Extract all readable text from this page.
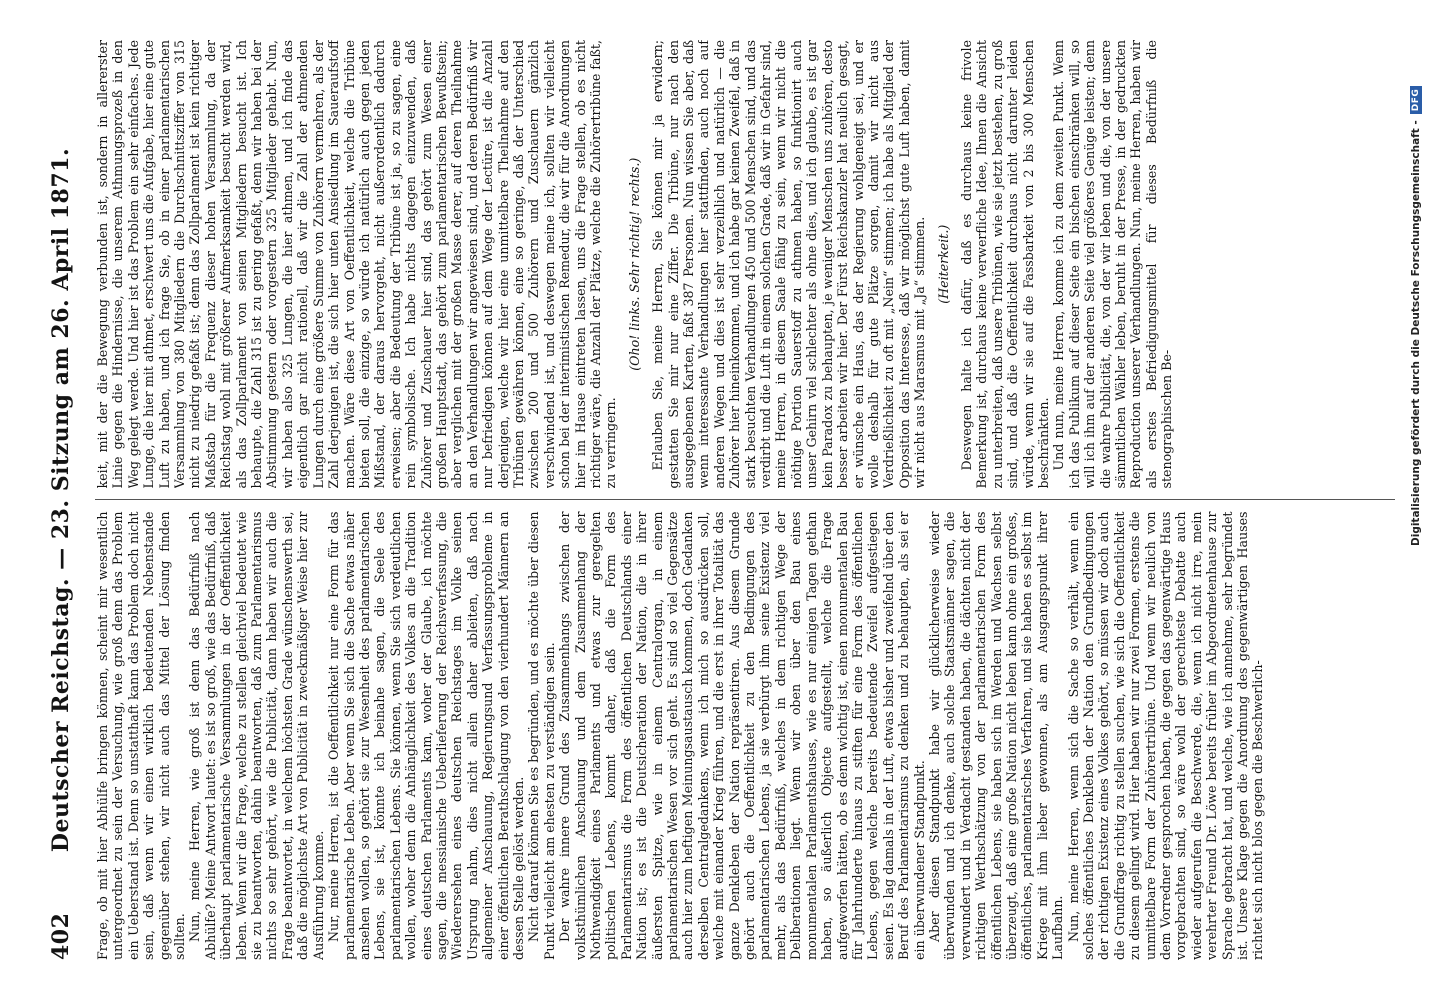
402
Deutscher Reichstag. — 23. Sitzung am 26. April 1871. Frage, ob mit hier Abhülfe bringen können, scheint mir wesentlich untergeordnet zu sein der Versuchung, wie groß denn das Problem ein Ueberstand ist. Denn so unstatthaft kann das Problem doch nicht sein, daß wenn wir einen wirklich bedeutenden Nebenstande gegenüber stehen, wir nicht auch das Mittel der Lösung finden sollten. Nun, meine Herren, wie groß ist denn das Bedürfniß nach Abhülfe? Meine Antwort lautet: es ist so groß, wie das Bedürfniß, daß überhaupt parlamentarische Versammlungen in der Oeffentlichkeit leben. Wenn wir die Frage, welche zu stellen gleichviel bedeutet wie sie zu beantworten, dahin beantworten, daß zum Parlamentarismus nichts so sehr gehört, wie die Publicität, dann haben wir auch die Frage beantwortet, in welchem höchsten Grade wünschenswerth sei, daß die möglichste Art von Publicität in zweckmäßiger Weise hier zur Ausführung komme. Nur, meine Herren, ist die Oeffentlichkeit nur eine Form für das parlamentarische Leben. Aber wenn Sie sich die Sache etwas näher ansehen wollen, so gehört sie zur Wesenheit des parlamentarischen Lebens, sie ist, könnte ich beinahe sagen, die Seele des parlamentarischen Lebens. Sie können, wenn Sie sich verdeutlichen wollen, woher denn die Anhänglichkeit des Volkes an die Tradition eines deutschen Parlaments kam, woher der Glaube, ich möchte sagen, die messianische Ueberlieferung der Reichsverfassung, die Wiederersehen eines deutschen Reichstages im Volke seinen Ursprung nahm, dies nicht allein daher ableiten, daß nach allgemeiner Anschauung, Regierungsund Verfassungsprobleme in einer öffentlichen Berathschlagung von den vierhundert Männern an dessen Stelle gelöst werden. Nicht darauf können Sie es begründen, und es möchte über diesen Punkt vielleicht am ehesten zu verständigen sein. Der wahre innere Grund des Zusammenhangs zwischen der volksthümlichen Anschauung und dem Zusammenhang der Nothwendigkeit eines Parlaments und etwas zur geregelten politischen Lebens, kommt daher, daß die Form des Parlamentarismus die Form des öffentlichen Deutschlands einer Nation ist; es ist die Deutsicheration der Nation, die in ihrer äußersten Spitze, wie in einem Centralorgan, in einem parlamentarischen Wesen vor sich geht. Es sind so viel Gegensätze auch hier zum heftigen Meinungsaustausch kommen, doch Gedanken derselben Centralgedankens, wenn ich mich so ausdrücken soll, welche mit einander Krieg führen, und die erst in ihrer Totalität das ganze Denkleben der Nation repräsentiren. Aus diesem Grunde gehört auch die Oeffentlichkeit zu den Bedingungen des parlamentarischen Lebens, ja sie verbürgt ihm seine Existenz viel mehr, als das Bedürfniß, welches in dem richtigen Wege der Deliberationen liegt. Wenn wir oben über den Bau eines monumentalen Parlamentshauses, wie es nur einigen Tagen gethan haben, so äußerlich Objecte aufgestellt, welche die Frage aufgeworfen hätten, ob es denn wichtig ist, einen monumentalen Bau für Jahrhunderte hinaus zu stiften für eine Form des öffentlichen Lebens, gegen welche bereits bedeutende Zweifel aufgestiegen seien. Es lag damals in der Luft, etwas bisher und zweifelnd über den Beruf des Parlamentarismus zu denken und zu behaupten, als sei er ein überwundener Standpunkt. Aber diesen Standpunkt habe wir glücklicherweise wieder überwunden und ich denke, auch solche Staatsmänner sagen, die verwundert und in Verdacht gestanden haben, die dächten nicht der richtigen Werthschätzung von der parlamentarischen Form des öffentlichen Lebens, sie haben sich im Werden und Wachsen selbst überzeugt, daß eine große Nation nicht leben kann ohne ein großes, öffentliches, parlamentarisches Verfahren, und sie haben es selbst im Kriege mit ihm lieber gewonnen, als am Ausgangspunkt ihrer Laufbahn. Nun, meine Herren, wenn sich die Sache so verhält, wenn ein solches öffentliches Denkleben der Nation den Grundbedingungen der richtigen Existenz eines Volkes gehört, so müssen wir doch auch die Grundfrage richtig zu stellen suchen, wie sich die Oeffentlichkeit zu diesem gelingt wird. Hier haben wir nur zwei Formen, erstens die unmittelbare Form der Zuhörertribüne. Und wenn wir neulich von dem Vorredner gesprochen haben, die gegen das gegenwärtige Haus vorgebrachten sind, so wäre wohl der gerechteste Debatte auch wieder aufgerufen die Beschwerde, die, wenn ich nicht irre, mein verehrter Freund Dr. Löwe bereits früher im Abgeordnetenhause zur Sprache gebracht hat, und welche, wie ich annehme, sehr begründet ist. Unsere Klage gegen die Anordnung des gegenwärtigen Hauses richtet sich nicht blos gegen die Beschwerlich-

keit, mit der die Bewegung verbunden ist, sondern in allererster Linie gegen die Hindernisse, die unserem Athmungsprozeß in den Weg gelegt werde. Und hier ist das Problem ein sehr einfaches. Jede Lunge, die hier mit athmet, erschwert uns die Aufgabe, hier eine gute Luft zu haben, und ich frage Sie, ob in einer parlamentarischen Versammlung von 380 Mitgliedern die Durchschnittsziffer von 315 nicht zu niedrig gefaßt ist; denn das Zollparlament ist kein richtiger Maßstab für die Frequenz dieser hohen Versammlung, da der Reichstag wohl mit größerer Aufmerksamkeit besucht werden wird, als das Zollparlament von seinen Mitgliedern besucht ist. Ich behaupte, die Zahl 315 ist zu gering gefaßt, denn wir haben bei der Abstimmung gestern oder vorgestern 325 Mitglieder gehabt. Nun, wir haben also 325 Lungen, die hier athmen, und ich finde das eigentlich gar nicht rationell, daß wir die Zahl der athmenden Lungen durch eine größere Summe von Zuhörern vermehren, als der Zahl derjenigen ist, die sich hier unten Ansiedlung im Saueraufstoff machen. Wäre diese Art von Oeffentlichkeit, welche die Tribüne bieten soll, die einzige, so würde ich natürlich auch gegen jeden Mißstand, der daraus hervorgeht, nicht außerordentlich dadurch erweisen; aber die Bedeutung der Tribüne ist ja, so zu sagen, eine rein symbolische. Ich habe nichts dagegen einzuwenden, daß Zuhörer und Zuschauer hier sind, das gehört zum Wesen einer großen Hauptstadt, das gehört zum parlamentarischen Bewußtsein; aber verglichen mit der großen Masse derer, auf deren Theilnahme an den Verhandlungen wir angewiesen sind, und deren Bedürfniß wir nur befriedigen können auf dem Wege der Lectüre, ist die Anzahl derjenigen, welche wir hier eine unmittelbare Theilnahme auf den Tribünen gewähren können, eine so geringe, daß der Unterschied zwischen 200 und 500 Zuhörern und Zuschauern gänzlich verschwindend ist, und deswegen meine ich, sollten wir vielleicht schon bei der interimistischen Remedur, die wir für die Anordnungen hier im Hause eintreten lassen, uns die Frage stellen, ob es nicht richtiger wäre, die Anzahl der Plätze, welche die Zuhörertribüne faßt, zu verringern.

(Oho! links. Sehr richtig! rechts.) Erlauben Sie, meine Herren, Sie können mir ja erwidern; gestatten Sie mir nur eine Ziffer. Die Tribüne, nur nach den ausgegebenen Karten, faßt 387 Personen. Nun wissen Sie aber, daß wenn interessante Verhandlungen hier stattfinden, auch noch auf anderen Wegen und dies ist sehr verzeihlich und natürlich — die Zuhörer hier hineinkommen, und ich habe gar keinen Zweifel, daß in stark besuchten Verhandlungen 450 und 500 Menschen sind, und das verdirbt und die Luft in einem solchen Grade, daß wir in Gefahr sind, meine Herren, in diesem Saale fähig zu sein, wenn wir nicht die nöthige Portion Sauerstoff zu athmen haben, so funktionirt auch unser Gehirn viel schlechter als ohne dies, und ich glaube, es ist gar kein Paradox zu behaupten, je weniger Menschen uns zuhören, desto besser arbeiten wir hier. Der Fürst Reichskanzler hat neulich gesagt, er wünsche ein Haus, das der Regierung wohlgeneigt sei, und er wolle deshalb für gute Plätze sorgen, damit wir nicht aus Verdrießlichkeit zu oft mit „Nein“ stimmen; ich habe als Mitglied der Opposition das Interesse, daß wir möglichst gute Luft haben, damit wir nicht aus Marasmus mit „Ja“ stimmen. (Heiterkeit.) Deswegen halte ich dafür, daß es durchaus keine frivole Bemerkung ist, durchaus keine verwerfliche Idee, Ihnen die Ansicht zu unterbreiten, daß unsere Tribünen, wie sie jetzt bestehen, zu groß sind, und daß die Oeffentlichkeit durchaus nicht darunter leiden würde, wenn wir sie auf die Fassbarkeit von 2 bis 300 Menschen beschränkten. Und nun, meine Herren, komme ich zu dem zweiten Punkt. Wenn ich das Publikum auf dieser Seite ein bischen einschränken will, so will ich ihm auf der anderen Seite viel größeres Genüge leisten; denn die wahre Publicität, die, von der wir leben und die, von der unsere sämmtlichen Wähler leben, beruht in der Presse, in der gedruckten Reproduction unserer Verhandlungen. Nun, meine Herren, haben wir als erstes Befriedigungsmittel für dieses Bedürfniß die stenographischen Be-	Digitalisierung gefördert durch die Deutsche Forschungsgemeinschaft -
DFG
